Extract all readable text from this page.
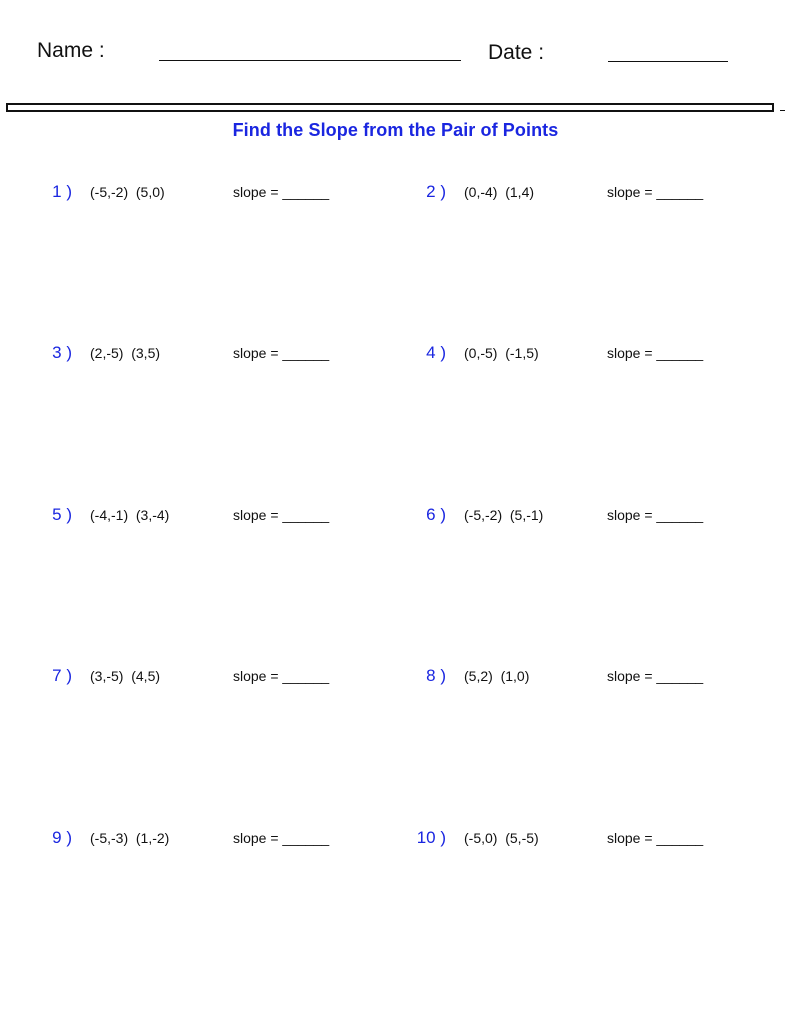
Name :	Date :
Find the Slope from the Pair of Points
1 ) (-5,-2)  (5,0)	slope = ______	2 ) (0,-4)  (1,4)	slope = ______
3 ) (2,-5)  (3,5)	slope = ______	4 ) (0,-5)  (-1,5)	slope = ______
5 ) (-4,-1)  (3,-4)	slope = ______	6 ) (-5,-2)  (5,-1)	slope = ______
7 ) (3,-5)  (4,5)	slope = ______	8 ) (5,2)  (1,0)	slope = ______
9 ) (-5,-3)  (1,-2)	slope = ______	10 ) (-5,0)  (5,-5)	slope = ______
